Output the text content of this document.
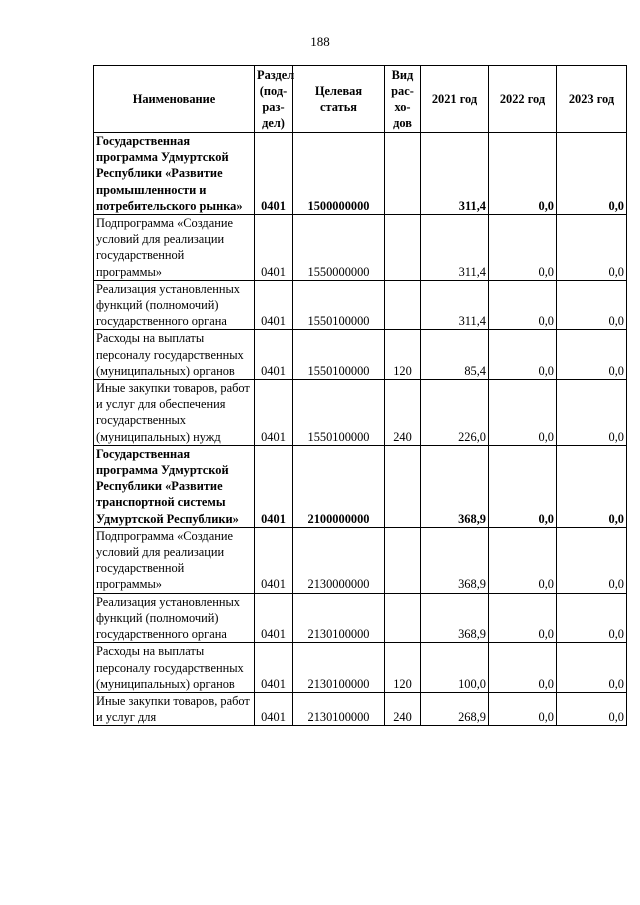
188
Наименование	Раздел (под-раз-дел)	Целевая статья	Вид рас-хо-дов	2021 год	2022 год	2023 год
Государственная программа Удмуртской Республики «Развитие промышленности и потребительского рынка»	0401	1500000000		311,4	0,0	0,0
Подпрограмма «Создание условий для реализации государственной программы»	0401	1550000000		311,4	0,0	0,0
Реализация установленных функций (полномочий) государственного органа	0401	1550100000		311,4	0,0	0,0
Расходы на выплаты персоналу государственных (муниципальных) органов	0401	1550100000	120	85,4	0,0	0,0
Иные закупки товаров, работ и услуг для обеспечения государственных (муниципальных) нужд	0401	1550100000	240	226,0	0,0	0,0
Государственная программа Удмуртской Республики «Развитие транспортной системы Удмуртской Республики»	0401	2100000000		368,9	0,0	0,0
Подпрограмма «Создание условий для реализации государственной программы»	0401	2130000000		368,9	0,0	0,0
Реализация установленных функций (полномочий) государственного органа	0401	2130100000		368,9	0,0	0,0
Расходы на выплаты персоналу государственных (муниципальных) органов	0401	2130100000	120	100,0	0,0	0,0
Иные закупки товаров, работ и услуг для	0401	2130100000	240	268,9	0,0	0,0
